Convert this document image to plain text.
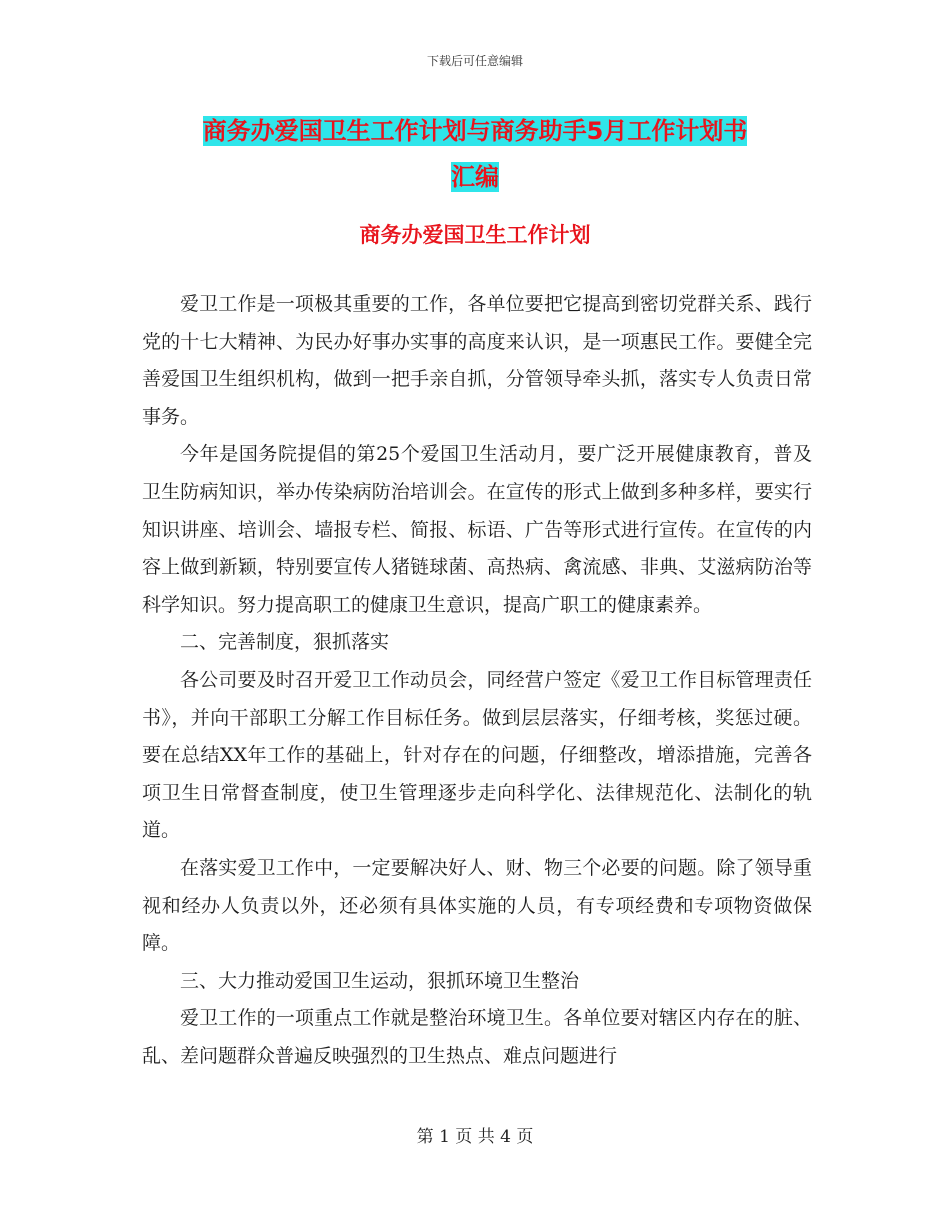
下载后可任意编辑
商务办爱国卫生工作计划与商务助手5月工作计划书
汇编
商务办爱国卫生工作计划

爱卫工作是一项极其重要的工作，各单位要把它提高到密切党群关系、践行党的十七大精神、为民办好事办实事的高度来认识，是一项惠民工作。要健全完善爱国卫生组织机构，做到一把手亲自抓，分管领导牵头抓，落实专人负责日常事务。

今年是国务院提倡的第25个爱国卫生活动月，要广泛开展健康教育，普及卫生防病知识，举办传染病防治培训会。在宣传的形式上做到多种多样，要实行知识讲座、培训会、墙报专栏、简报、标语、广告等形式进行宣传。在宣传的内容上做到新颖，特别要宣传人猪链球菌、高热病、禽流感、非典、艾滋病防治等科学知识。努力提高职工的健康卫生意识，提高广职工的健康素养。

二、完善制度，狠抓落实

各公司要及时召开爱卫工作动员会，同经营户签定《爱卫工作目标管理责任书》，并向干部职工分解工作目标任务。做到层层落实，仔细考核，奖惩过硬。要在总结XX年工作的基础上，针对存在的问题，仔细整改，增添措施，完善各项卫生日常督查制度，使卫生管理逐步走向科学化、法律规范化、法制化的轨道。

在落实爱卫工作中，一定要解决好人、财、物三个必要的问题。除了领导重视和经办人负责以外，还必须有具体实施的人员，有专项经费和专项物资做保障。

三、大力推动爱国卫生运动，狠抓环境卫生整治

爱卫工作的一项重点工作就是整治环境卫生。各单位要对辖区内存在的脏、乱、差问题群众普遍反映强烈的卫生热点、难点问题进行

第 1 页 共 4 页
